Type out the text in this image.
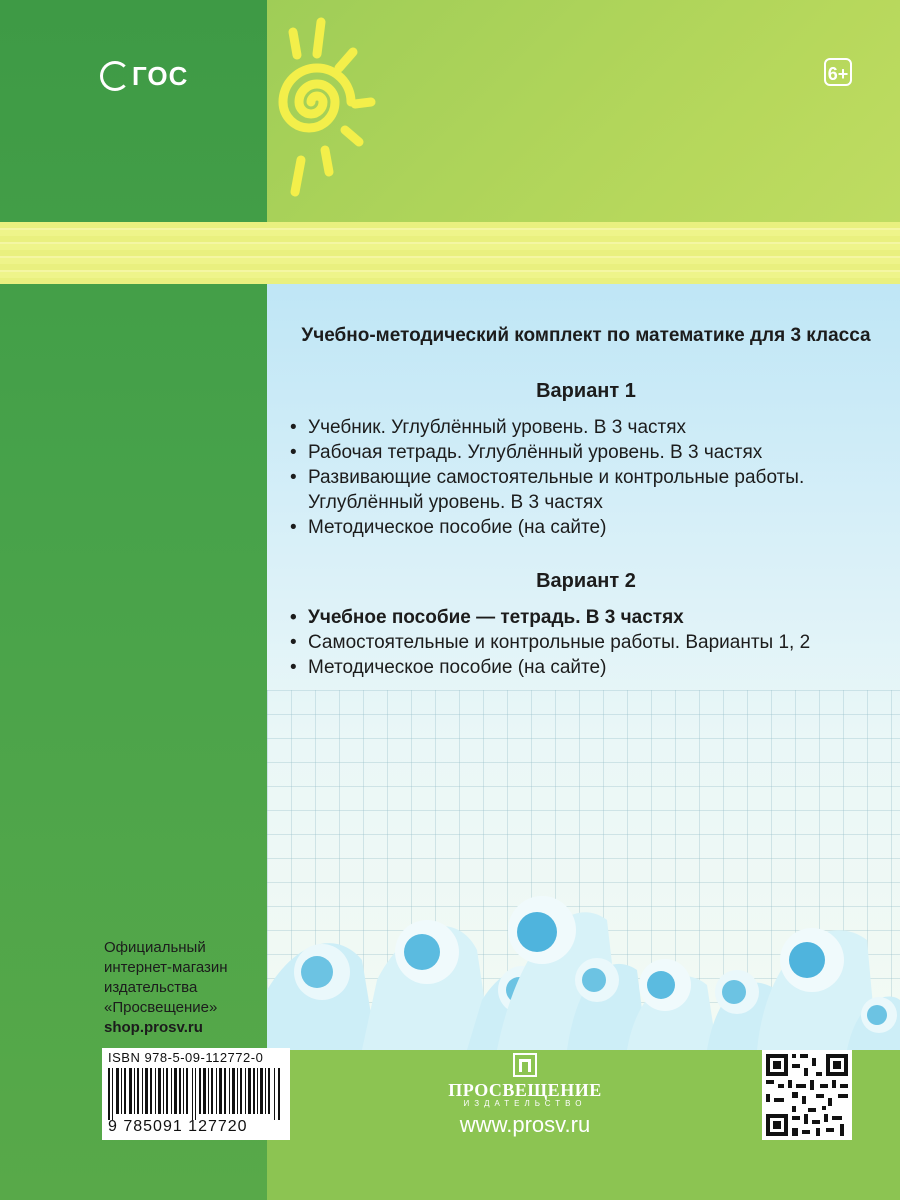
ГОС	6+

Учебно-методический комплект по математике для 3 класса

Вариант 1

• Учебник. Углублённый уровень. В 3 частях
• Рабочая тетрадь. Углублённый уровень. В 3 частях
• Развивающие самостоятельные и контрольные работы. Углублённый уровень. В 3 частях
• Методическое пособие (на сайте)

Вариант 2

• Учебное пособие — тетрадь. В 3 частях
• Самостоятельные и контрольные работы. Варианты 1, 2
• Методическое пособие (на сайте)
Официальный
интернет-магазин
издательства
«Просвещение»
shop.prosv.ru
ISBN 978-5-09-112772-0
9 785091 127720
ПРОСВЕЩЕНИЕ
ИЗДАТЕЛЬСТВО
www.prosv.ru
